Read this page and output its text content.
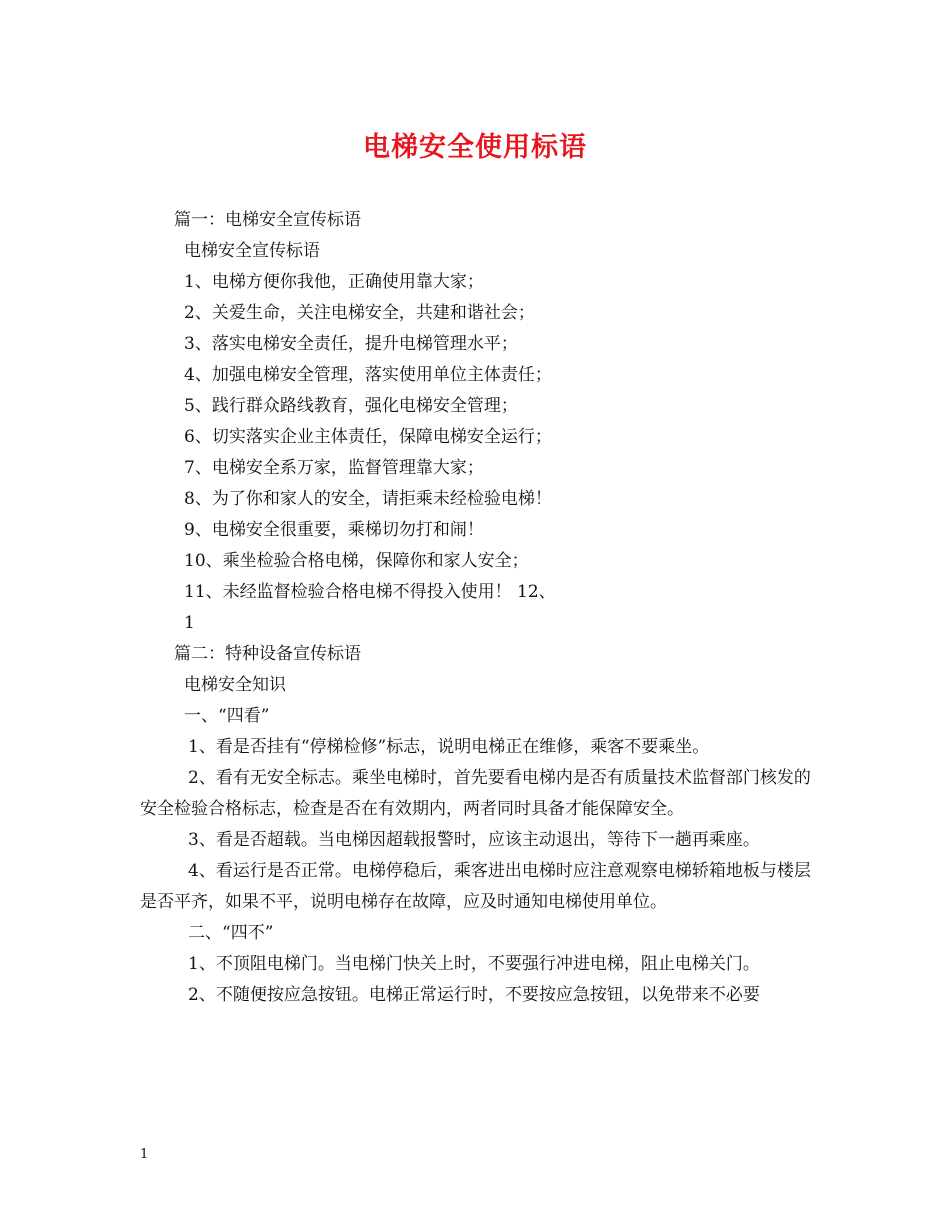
电梯安全使用标语

篇一：电梯安全宣传标语

电梯安全宣传标语

1、电梯方便你我他，正确使用靠大家；

2、关爱生命，关注电梯安全，共建和谐社会；

3、落实电梯安全责任，提升电梯管理水平；

4、加强电梯安全管理，落实使用单位主体责任；

5、践行群众路线教育，强化电梯安全管理；

6、切实落实企业主体责任，保障电梯安全运行；

7、电梯安全系万家，监督管理靠大家；

8、为了你和家人的安全，请拒乘未经检验电梯！

9、电梯安全很重要，乘梯切勿打和闹！

10、乘坐检验合格电梯，保障你和家人安全；

11、未经监督检验合格电梯不得投入使用！ 12、

1

篇二：特种设备宣传标语

电梯安全知识

一、“四看”

1、看是否挂有“停梯检修”标志，说明电梯正在维修，乘客不要乘坐。

2、看有无安全标志。乘坐电梯时，首先要看电梯内是否有质量技术监督部门核发的安全检验合格标志，检查是否在有效期内，两者同时具备才能保障安全。

3、看是否超载。当电梯因超载报警时，应该主动退出，等待下一趟再乘座。

4、看运行是否正常。电梯停稳后，乘客进出电梯时应注意观察电梯轿箱地板与楼层是否平齐，如果不平，说明电梯存在故障，应及时通知电梯使用单位。

二、“四不”

1、不顶阻电梯门。当电梯门快关上时，不要强行冲进电梯，阻止电梯关门。

2、不随便按应急按钮。电梯正常运行时，不要按应急按钮，以免带来不必要

1
